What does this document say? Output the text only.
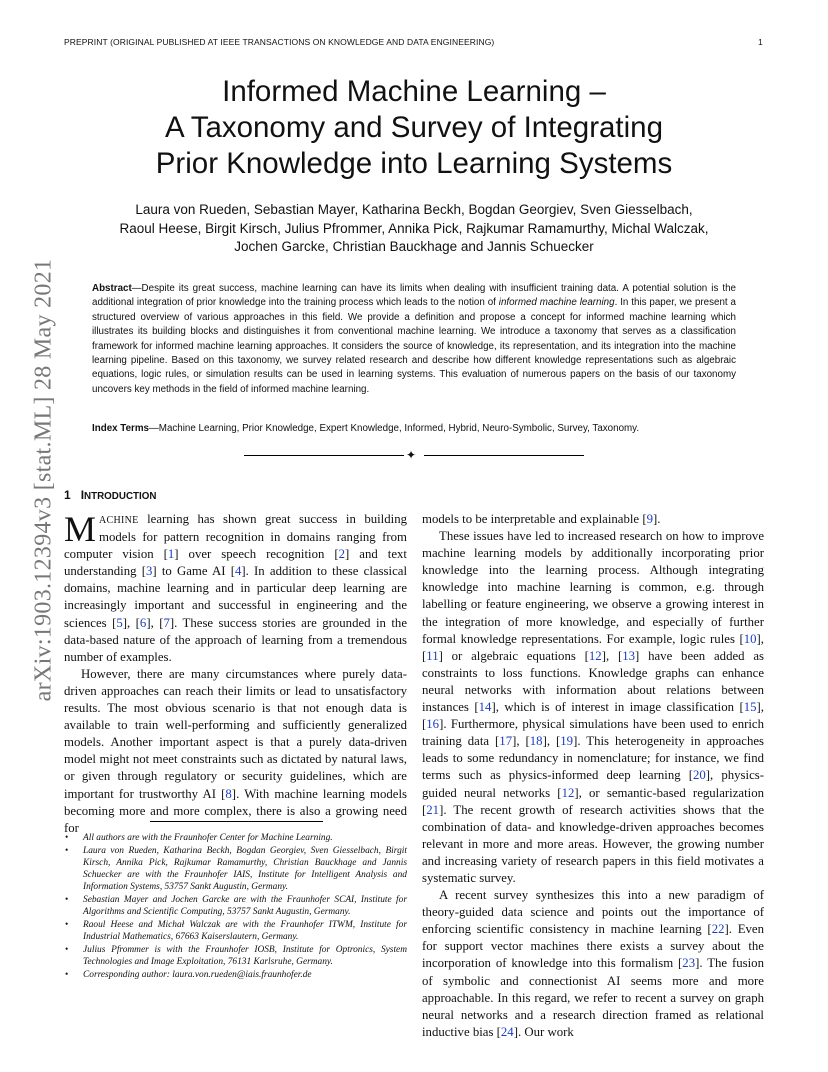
PREPRINT (ORIGINAL PUBLISHED AT IEEE TRANSACTIONS ON KNOWLEDGE AND DATA ENGINEERING)	1
arXiv:1903.12394v3 [stat.ML] 28 May 2021
Informed Machine Learning –
A Taxonomy and Survey of Integrating
Prior Knowledge into Learning Systems
Laura von Rueden, Sebastian Mayer, Katharina Beckh, Bogdan Georgiev, Sven Giesselbach,
Raoul Heese, Birgit Kirsch, Julius Pfrommer, Annika Pick, Rajkumar Ramamurthy, Michal Walczak,
Jochen Garcke, Christian Bauckhage and Jannis Schuecker
Abstract—Despite its great success, machine learning can have its limits when dealing with insufficient training data. A potential solution is the additional integration of prior knowledge into the training process which leads to the notion of informed machine learning. In this paper, we present a structured overview of various approaches in this field. We provide a definition and propose a concept for informed machine learning which illustrates its building blocks and distinguishes it from conventional machine learning. We introduce a taxonomy that serves as a classification framework for informed machine learning approaches. It considers the source of knowledge, its representation, and its integration into the machine learning pipeline. Based on this taxonomy, we survey related research and describe how different knowledge representations such as algebraic equations, logic rules, or simulation results can be used in learning systems. This evaluation of numerous papers on the basis of our taxonomy uncovers key methods in the field of informed machine learning.
Index Terms—Machine Learning, Prior Knowledge, Expert Knowledge, Informed, Hybrid, Neuro-Symbolic, Survey, Taxonomy.
✦
1 INTRODUCTION

MACHINE learning has shown great success in building models for pattern recognition in domains ranging from computer vision [1] over speech recognition [2] and text understanding [3] to Game AI [4]. In addition to these classical domains, machine learning and in particular deep learning are increasingly important and successful in engineering and the sciences [5], [6], [7]. These success stories are grounded in the data-based nature of the approach of learning from a tremendous number of examples.

However, there are many circumstances where purely data-driven approaches can reach their limits or lead to unsatisfactory results. The most obvious scenario is that not enough data is available to train well-performing and sufficiently generalized models. Another important aspect is that a purely data-driven model might not meet constraints such as dictated by natural laws, or given through regulatory or security guidelines, which are important for trustworthy AI [8]. With machine learning models becoming more and more complex, there is also a growing need for

• All authors are with the Fraunhofer Center for Machine Learning.
• Laura von Rueden, Katharina Beckh, Bogdan Georgiev, Sven Giesselbach, Birgit Kirsch, Annika Pick, Rajkumar Ramamurthy, Christian Bauckhage and Jannis Schuecker are with the Fraunhofer IAIS, Institute for Intelligent Analysis and Information Systems, 53757 Sankt Augustin, Germany.
• Sebastian Mayer and Jochen Garcke are with the Fraunhofer SCAI, Institute for Algorithms and Scientific Computing, 53757 Sankt Augustin, Germany.
• Raoul Heese and Michał Walczak are with the Fraunhofer ITWM, Institute for Industrial Mathematics, 67663 Kaiserslautern, Germany.
• Julius Pfrommer is with the Fraunhofer IOSB, Institute for Optronics, System Technologies and Image Exploitation, 76131 Karlsruhe, Germany.
• Corresponding author: laura.von.rueden@iais.fraunhofer.de

models to be interpretable and explainable [9].

These issues have led to increased research on how to improve machine learning models by additionally incorporating prior knowledge into the learning process. Although integrating knowledge into machine learning is common, e.g. through labelling or feature engineering, we observe a growing interest in the integration of more knowledge, and especially of further formal knowledge representations. For example, logic rules [10], [11] or algebraic equations [12], [13] have been added as constraints to loss functions. Knowledge graphs can enhance neural networks with information about relations between instances [14], which is of interest in image classification [15], [16]. Furthermore, physical simulations have been used to enrich training data [17], [18], [19]. This heterogeneity in approaches leads to some redundancy in nomenclature; for instance, we find terms such as physics-informed deep learning [20], physics-guided neural networks [12], or semantic-based regularization [21]. The recent growth of research activities shows that the combination of data- and knowledge-driven approaches becomes relevant in more and more areas. However, the growing number and increasing variety of research papers in this field motivates a systematic survey.

A recent survey synthesizes this into a new paradigm of theory-guided data science and points out the importance of enforcing scientific consistency in machine learning [22]. Even for support vector machines there exists a survey about the incorporation of knowledge into this formalism [23]. The fusion of symbolic and connectionist AI seems more and more approachable. In this regard, we refer to recent a survey on graph neural networks and a research direction framed as relational inductive bias [24]. Our work
